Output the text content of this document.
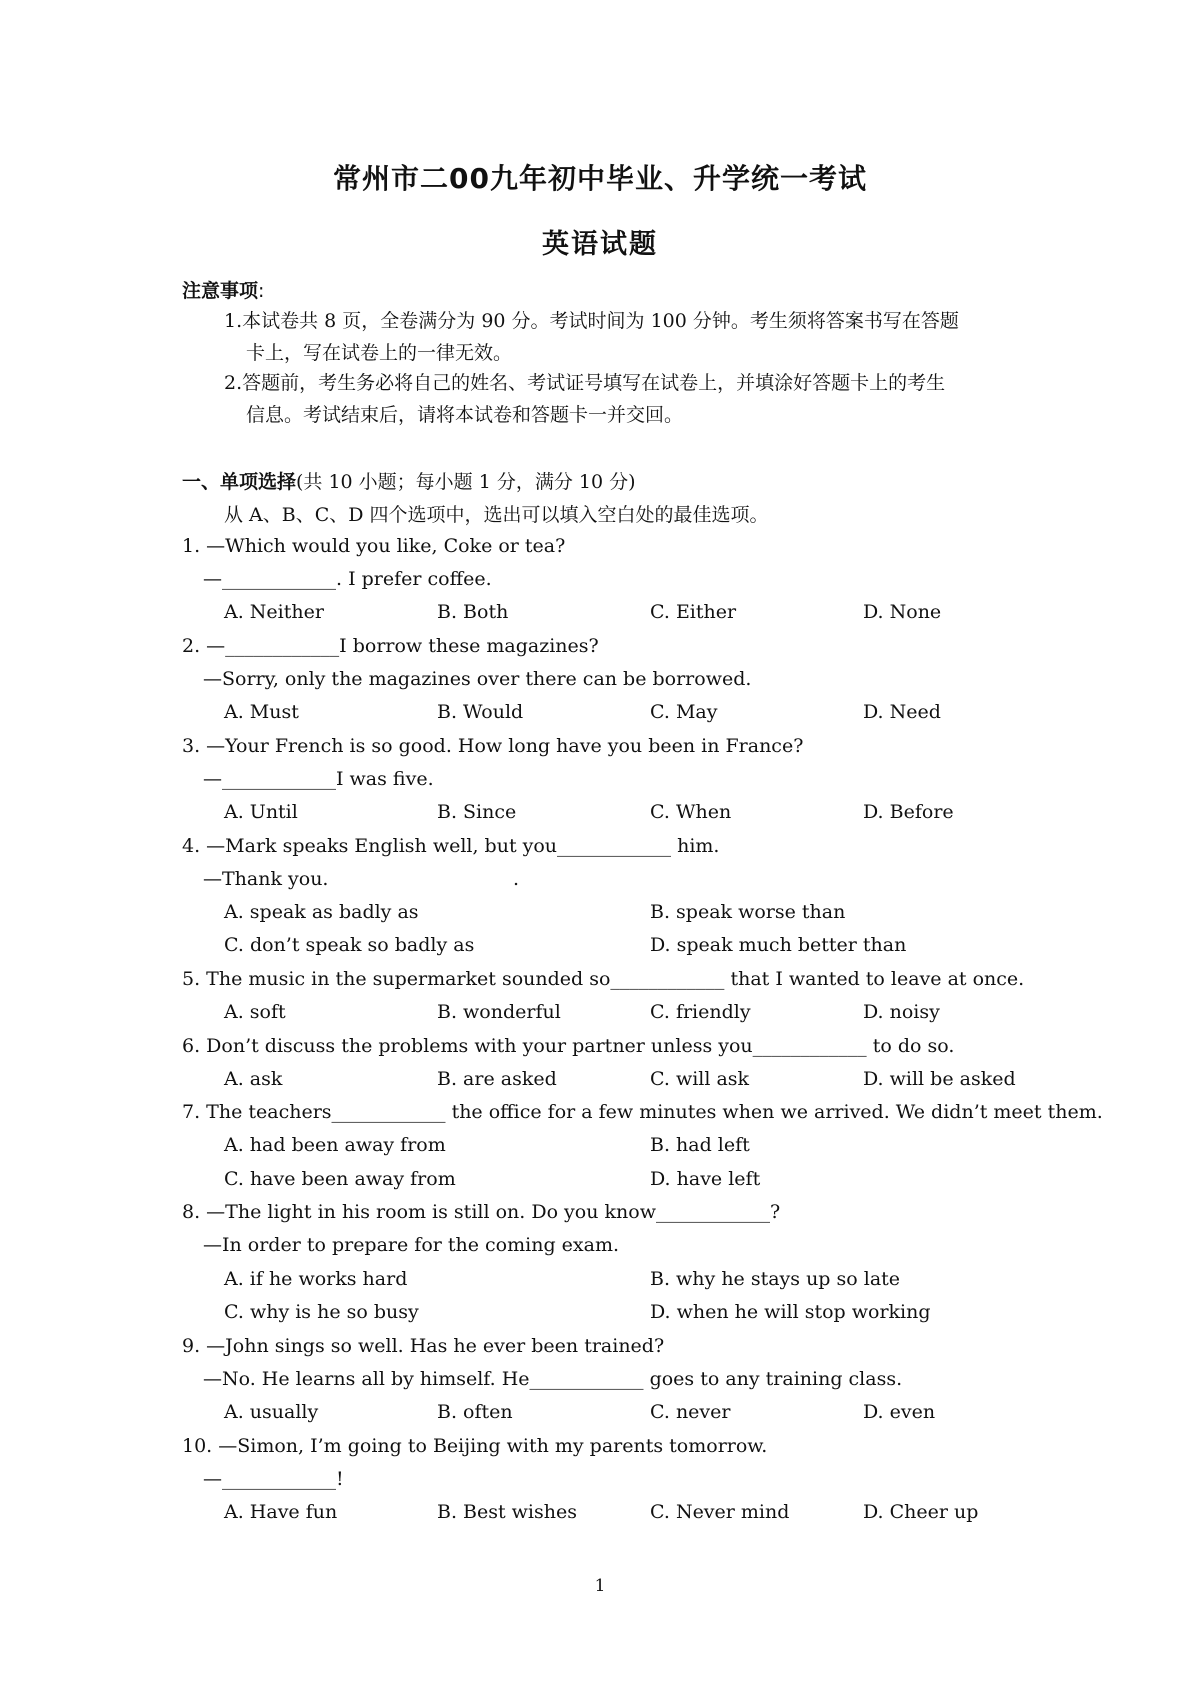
常州市二00九年初中毕业、升学统一考试
英语试题
注意事项:
1.本试卷共 8 页，全卷满分为 90 分。考试时间为 100 分钟。考生须将答案书写在答题
卡上，写在试卷上的一律无效。
2.答题前，考生务必将自己的姓名、考试证号填写在试卷上，并填涂好答题卡上的考生
信息。考试结束后，请将本试卷和答题卡一并交回。
一、单项选择(共 10 小题；每小题 1 分，满分 10 分)
从 A、B、C、D 四个选项中，选出可以填入空白处的最佳选项。
1. —Which would you like, Coke or tea?
—____________. I prefer coffee.
A. Neither	B. Both	C. Either	D. None
2. —____________I borrow these magazines?
—Sorry, only the magazines over there can be borrowed.
A. Must	B. Would	C. May	D. Need
3. —Your French is so good. How long have you been in France?
—____________I was five.
A. Until	B. Since	C. When	D. Before
4. —Mark speaks English well, but you____________ him.
—Thank you.	.
A. speak as badly as	B. speak worse than
C. don’t speak so badly as	D. speak much better than
5. The music in the supermarket sounded so____________ that I wanted to leave at once.
A. soft	B. wonderful	C. friendly	D. noisy
6. Don’t discuss the problems with your partner unless you____________ to do so.
A. ask	B. are asked	C. will ask	D. will be asked
7. The teachers____________ the office for a few minutes when we arrived. We didn’t meet them.
A. had been away from	B. had left
C. have been away from	D. have left
8. —The light in his room is still on. Do you know____________?
—In order to prepare for the coming exam.
A. if he works hard	B. why he stays up so late
C. why is he so busy	D. when he will stop working
9. —John sings so well. Has he ever been trained?
—No. He learns all by himself. He____________ goes to any training class.
A. usually	B. often	C. never	D. even
10. —Simon, I’m going to Beijing with my parents tomorrow.
—____________!
A. Have fun	B. Best wishes	C. Never mind	D. Cheer up
1
